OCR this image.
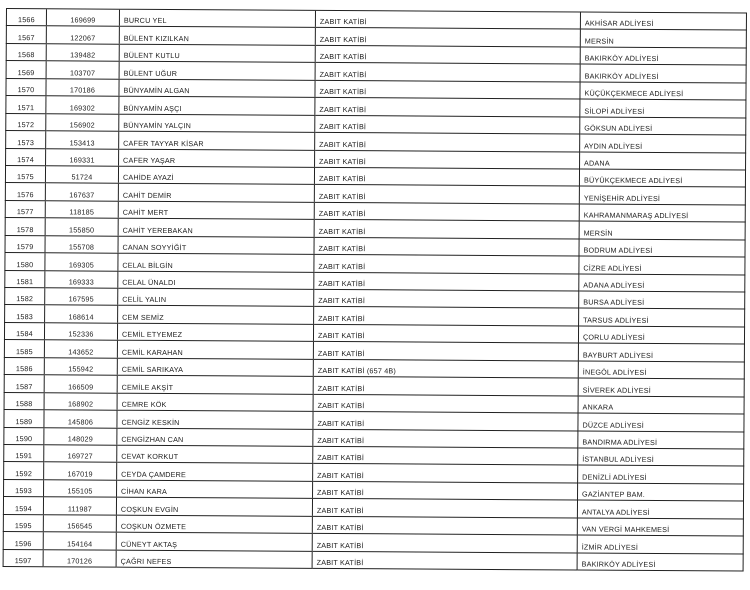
1566	169699	BURCU YEL	ZABIT KATİBİ	AKHİSAR ADLİYESİ
1567	122067	BÜLENT KIZILKAN	ZABIT KATİBİ	MERSİN
1568	139482	BÜLENT KUTLU	ZABIT KATİBİ	BAKIRKÖY ADLİYESİ
1569	103707	BÜLENT UĞUR	ZABIT KATİBİ	BAKIRKÖY ADLİYESİ
1570	170186	BÜNYAMİN ALGAN	ZABIT KATİBİ	KÜÇÜKÇEKMECE ADLİYESİ
1571	169302	BÜNYAMİN AŞÇI	ZABIT KATİBİ	SİLOPİ ADLİYESİ
1572	156902	BÜNYAMİN YALÇIN	ZABIT KATİBİ	GÖKSUN ADLİYESİ
1573	153413	CAFER TAYYAR KİSAR	ZABIT KATİBİ	AYDIN ADLİYESİ
1574	169331	CAFER YAŞAR	ZABIT KATİBİ	ADANA
1575	51724	CAHİDE AYAZİ	ZABIT KATİBİ	BÜYÜKÇEKMECE ADLİYESİ
1576	167637	CAHİT DEMİR	ZABIT KATİBİ	YENİŞEHİR ADLİYESİ
1577	118185	CAHİT MERT	ZABIT KATİBİ	KAHRAMANMARAŞ ADLİYESİ
1578	155850	CAHİT YEREBAKAN	ZABIT KATİBİ	MERSİN
1579	155708	CANAN SOYYİĞİT	ZABIT KATİBİ	BODRUM ADLİYESİ
1580	169305	CELAL BİLGİN	ZABIT KATİBİ	CİZRE ADLİYESİ
1581	169333	CELAL ÜNALDI	ZABIT KATİBİ	ADANA ADLİYESİ
1582	167595	CELİL YALIN	ZABIT KATİBİ	BURSA ADLİYESİ
1583	168614	CEM SEMİZ	ZABIT KATİBİ	TARSUS ADLİYESİ
1584	152336	CEMİL ETYEMEZ	ZABIT KATİBİ	ÇORLU ADLİYESİ
1585	143652	CEMİL KARAHAN	ZABIT KATİBİ	BAYBURT ADLİYESİ
1586	155942	CEMİL SARIKAYA	ZABIT KATİBİ (657 4B)	İNEGÖL ADLİYESİ
1587	166509	CEMİLE AKŞİT	ZABIT KATİBİ	SİVEREK ADLİYESİ
1588	168902	CEMRE KÖK	ZABIT KATİBİ	ANKARA
1589	145806	CENGİZ KESKİN	ZABIT KATİBİ	DÜZCE ADLİYESİ
1590	148029	CENGİZHAN CAN	ZABIT KATİBİ	BANDIRMA ADLİYESİ
1591	169727	CEVAT KORKUT	ZABIT KATİBİ	İSTANBUL ADLİYESİ
1592	167019	CEYDA ÇAMDERE	ZABIT KATİBİ	DENİZLİ ADLİYESİ
1593	155105	CİHAN KARA	ZABIT KATİBİ	GAZİANTEP BAM.
1594	111987	COŞKUN EVGİN	ZABIT KATİBİ	ANTALYA ADLİYESİ
1595	156545	COŞKUN ÖZMETE	ZABIT KATİBİ	VAN VERGİ MAHKEMESİ
1596	154164	CÜNEYT AKTAŞ	ZABIT KATİBİ	İZMİR ADLİYESİ
1597	170126	ÇAĞRI NEFES	ZABIT KATİBİ	BAKIRKÖY ADLİYESİ
